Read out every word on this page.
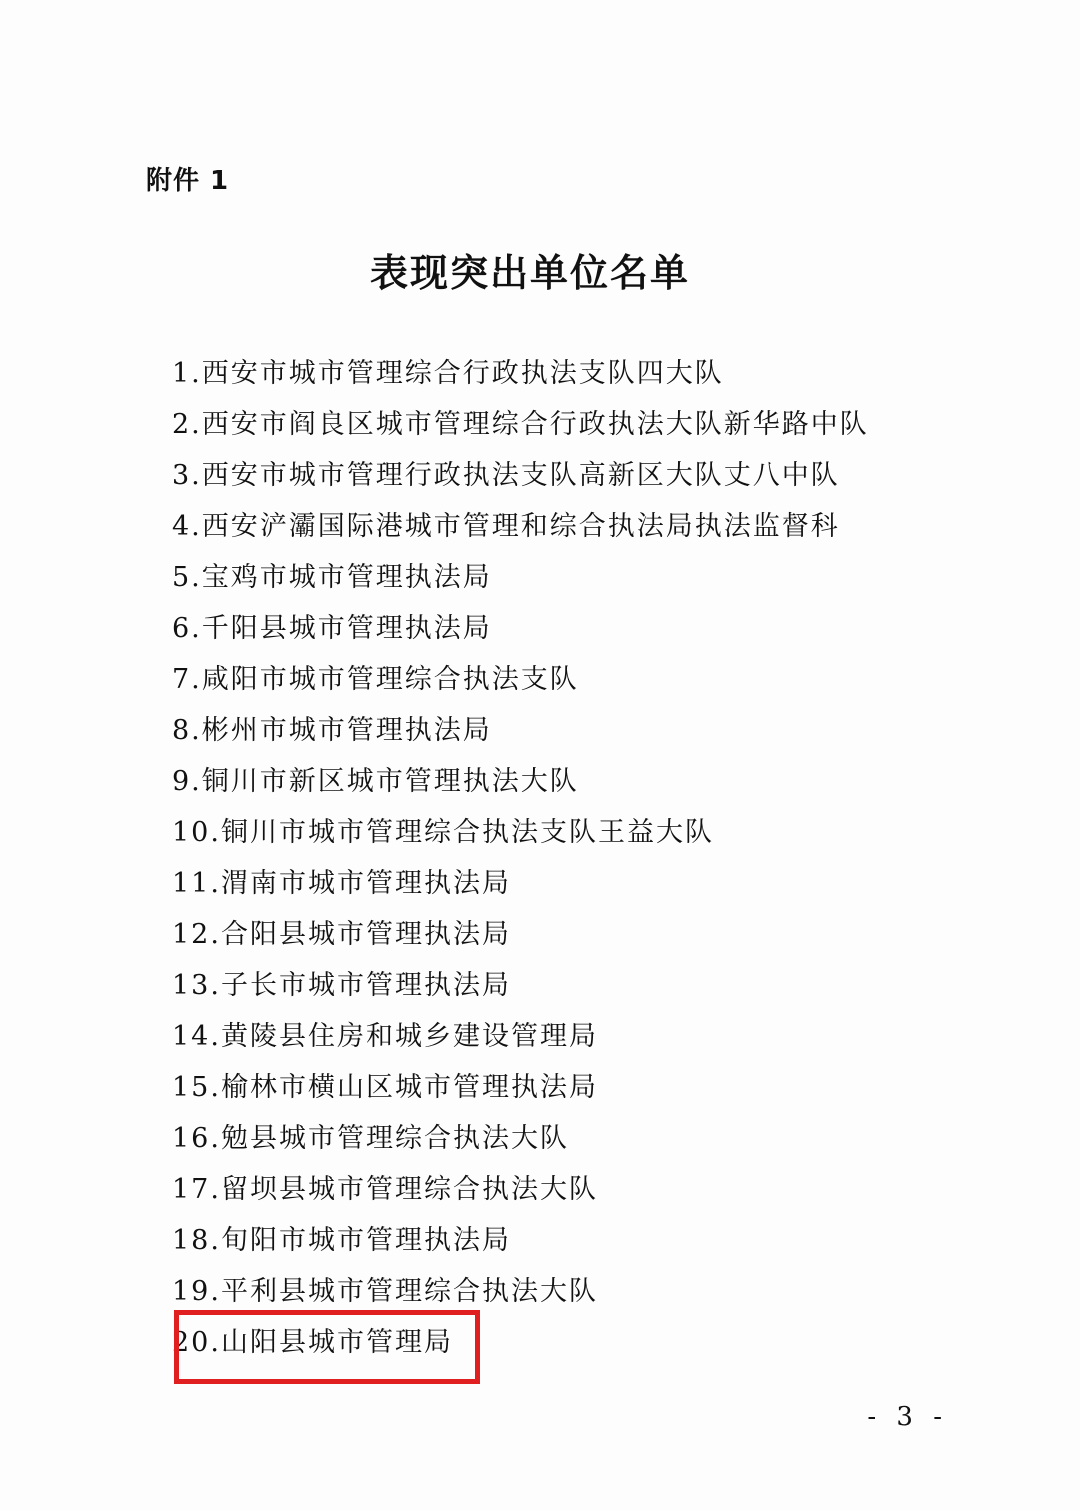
附件 1
表现突出单位名单
1.西安市城市管理综合行政执法支队四大队
2.西安市阎良区城市管理综合行政执法大队新华路中队
3.西安市城市管理行政执法支队高新区大队丈八中队
4.西安浐灞国际港城市管理和综合执法局执法监督科
5.宝鸡市城市管理执法局
6.千阳县城市管理执法局
7.咸阳市城市管理综合执法支队
8.彬州市城市管理执法局
9.铜川市新区城市管理执法大队
10.铜川市城市管理综合执法支队王益大队
11.渭南市城市管理执法局
12.合阳县城市管理执法局
13.子长市城市管理执法局
14.黄陵县住房和城乡建设管理局
15.榆林市横山区城市管理执法局
16.勉县城市管理综合执法大队
17.留坝县城市管理综合执法大队
18.旬阳市城市管理执法局
19.平利县城市管理综合执法大队
20.山阳县城市管理局
- 3 -
